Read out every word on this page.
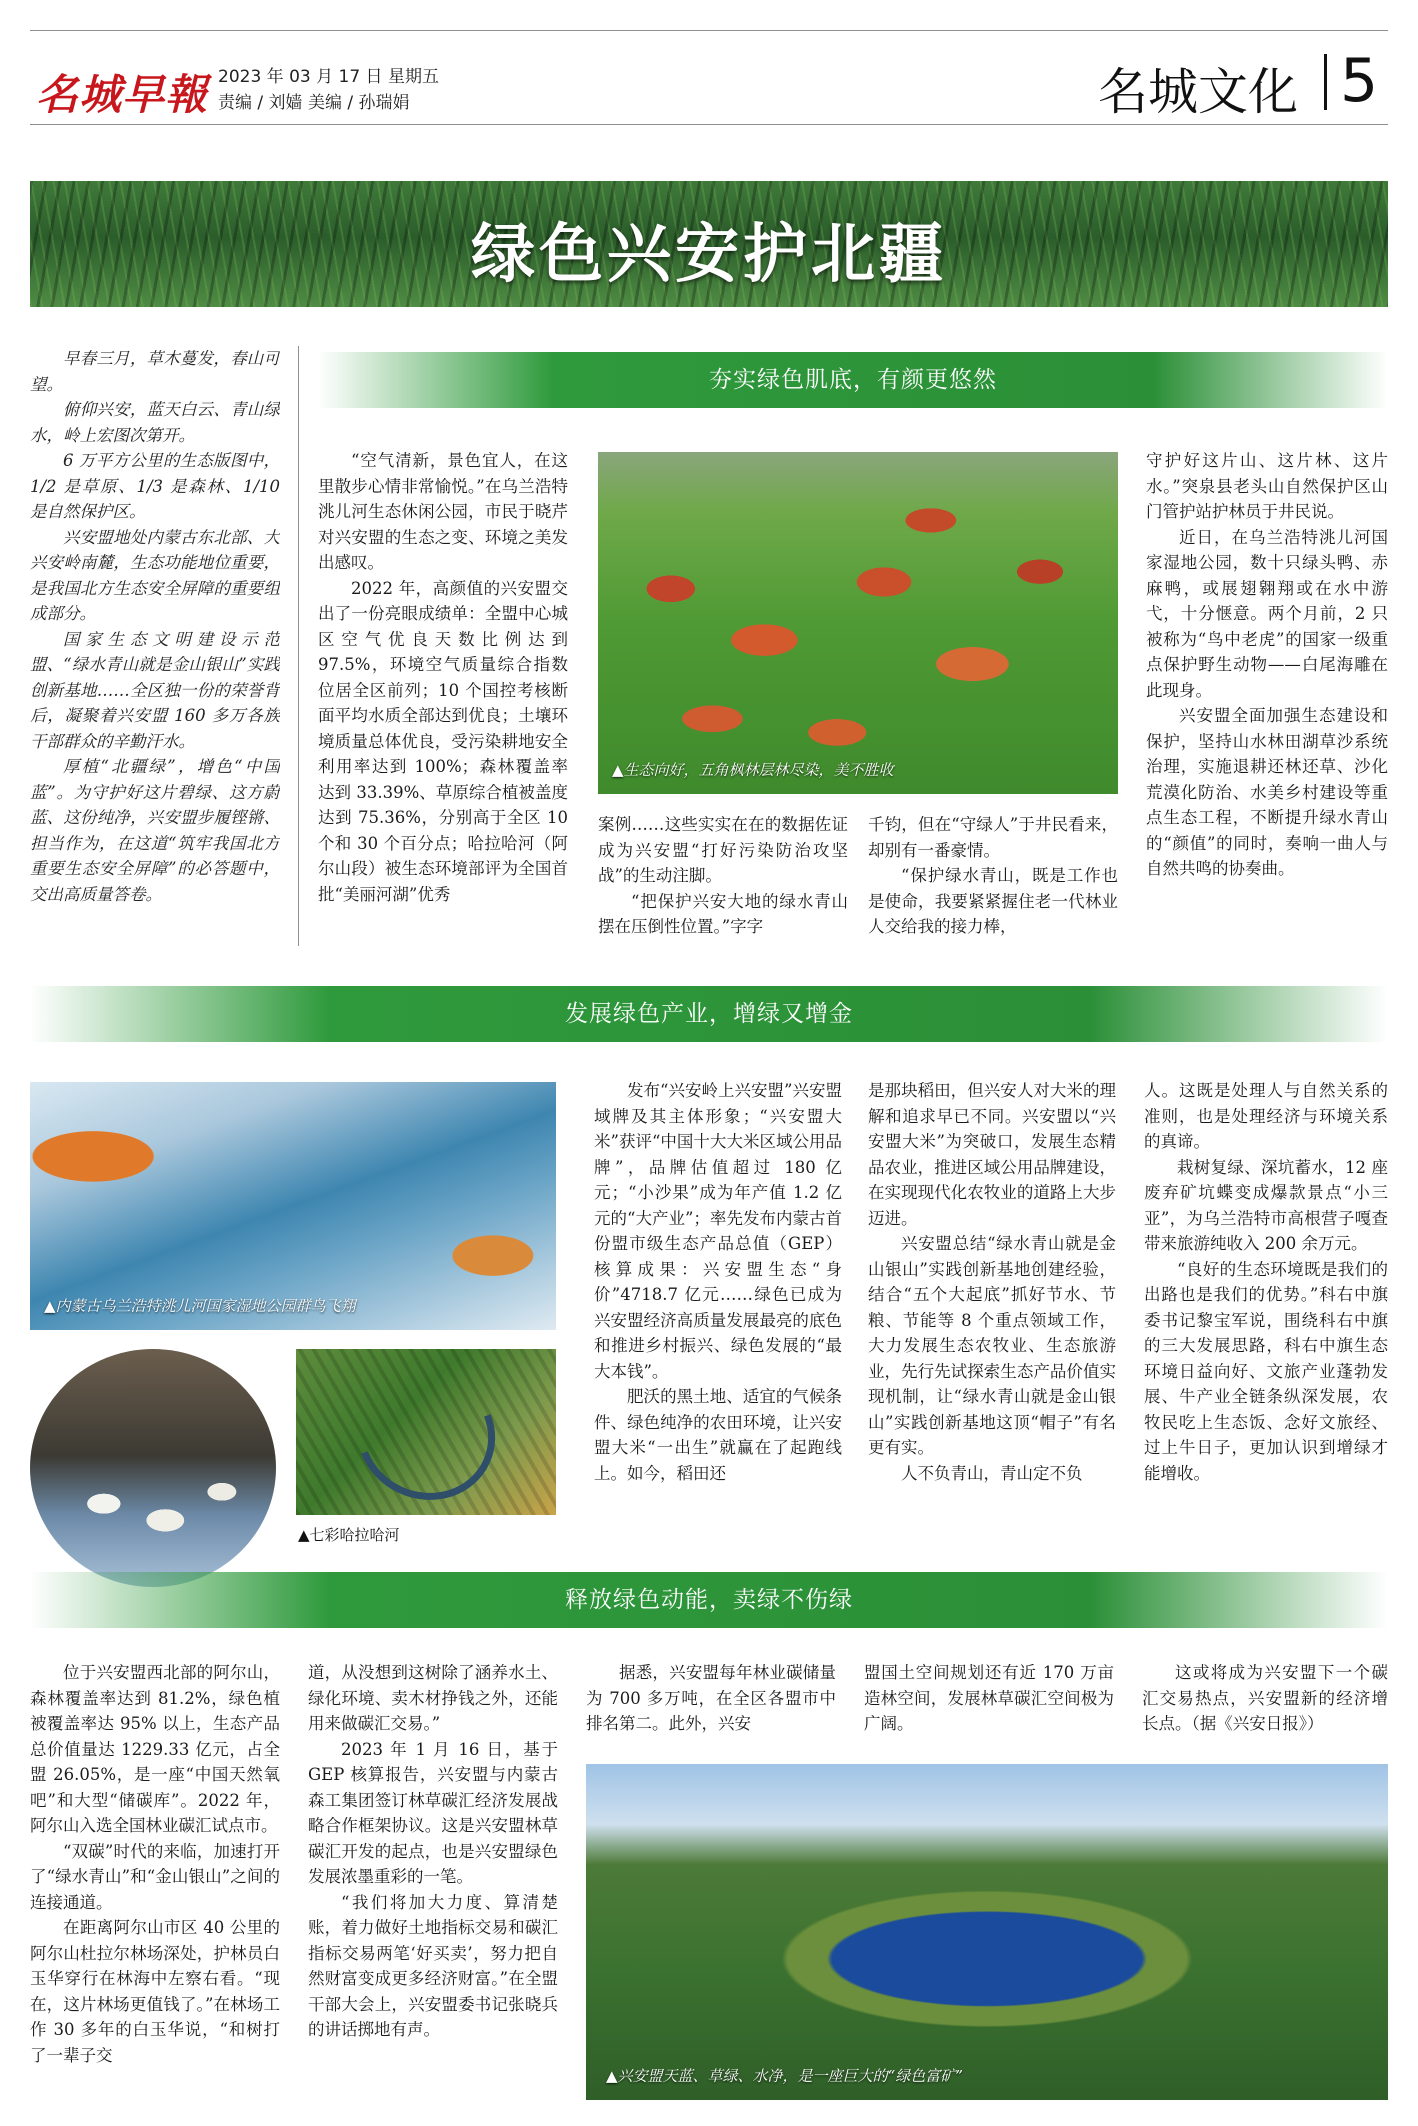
名城早報 2023 年 03 月 17 日 星期五
责编 / 刘嫱 美编 / 孙瑞娟	名城文化 5
绿色兴安护北疆

早春三月，草木蔓发，春山可望。

俯仰兴安，蓝天白云、青山绿水，岭上宏图次第开。

6 万平方公里的生态版图中，1/2 是草原、1/3 是森林、1/10 是自然保护区。

兴安盟地处内蒙古东北部、大兴安岭南麓，生态功能地位重要，是我国北方生态安全屏障的重要组成部分。

国家生态文明建设示范盟、“绿水青山就是金山银山”实践创新基地……全区独一份的荣誉背后，凝聚着兴安盟 160 多万各族干部群众的辛勤汗水。

厚植“北疆绿”，增色“中国蓝”。为守护好这片碧绿、这方蔚蓝、这份纯净，兴安盟步履铿锵、担当作为，在这道“筑牢我国北方重要生态安全屏障”的必答题中，交出高质量答卷。

夯实绿色肌底，有颜更悠然

“空气清新，景色宜人，在这里散步心情非常愉悦。”在乌兰浩特洮儿河生态休闲公园，市民于晓芹对兴安盟的生态之变、环境之美发出感叹。

2022 年，高颜值的兴安盟交出了一份亮眼成绩单：全盟中心城区空气优良天数比例达到 97.5%，环境空气质量综合指数位居全区前列；10 个国控考核断面平均水质全部达到优良；土壤环境质量总体优良，受污染耕地安全利用率达到 100%；森林覆盖率达到 33.39%、草原综合植被盖度达到 75.36%，分别高于全区 10 个和 30 个百分点；哈拉哈河（阿尔山段）被生态环境部评为全国首批“美丽河湖”优秀

▲生态向好，五角枫林层林尽染，美不胜收

案例……这些实实在在的数据佐证成为兴安盟“打好污染防治攻坚战”的生动注脚。

“把保护兴安大地的绿水青山摆在压倒性位置。”字字

千钧，但在“守绿人”于井民看来，却别有一番豪情。

“保护绿水青山，既是工作也是使命，我要紧紧握住老一代林业人交给我的接力棒，

守护好这片山、这片林、这片水。”突泉县老头山自然保护区山门管护站护林员于井民说。

近日，在乌兰浩特洮儿河国家湿地公园，数十只绿头鸭、赤麻鸭，或展翅翱翔或在水中游弋，十分惬意。两个月前，2 只被称为“鸟中老虎”的国家一级重点保护野生动物——白尾海雕在此现身。

兴安盟全面加强生态建设和保护，坚持山水林田湖草沙系统治理，实施退耕还林还草、沙化荒漠化防治、水美乡村建设等重点生态工程，不断提升绿水青山的“颜值”的同时，奏响一曲人与自然共鸣的协奏曲。

发展绿色产业，增绿又增金
▲内蒙古乌兰浩特洮儿河国家湿地公园群鸟飞翔
▲七彩哈拉哈河

发布“兴安岭上兴安盟”兴安盟域牌及其主体形象；“兴安盟大米”获评“中国十大大米区域公用品牌”，品牌估值超过 180 亿元；“小沙果”成为年产值 1.2 亿元的“大产业”；率先发布内蒙古首份盟市级生态产品总值（GEP）核算成果：兴安盟生态“身价”4718.7 亿元……绿色已成为兴安盟经济高质量发展最亮的底色和推进乡村振兴、绿色发展的“最大本钱”。

肥沃的黑土地、适宜的气候条件、绿色纯净的农田环境，让兴安盟大米“一出生”就赢在了起跑线上。如今，稻田还

是那块稻田，但兴安人对大米的理解和追求早已不同。兴安盟以“兴安盟大米”为突破口，发展生态精品农业，推进区域公用品牌建设，在实现现代化农牧业的道路上大步迈进。

兴安盟总结“绿水青山就是金山银山”实践创新基地创建经验，结合“五个大起底”抓好节水、节粮、节能等 8 个重点领域工作，大力发展生态农牧业、生态旅游业，先行先试探索生态产品价值实现机制，让“绿水青山就是金山银山”实践创新基地这顶“帽子”有名更有实。

人不负青山，青山定不负

人。这既是处理人与自然关系的准则，也是处理经济与环境关系的真谛。

栽树复绿、深坑蓄水，12 座废弃矿坑蝶变成爆款景点“小三亚”，为乌兰浩特市高根营子嘎查带来旅游纯收入 200 余万元。

“良好的生态环境既是我们的出路也是我们的优势。”科右中旗委书记黎宝军说，围绕科右中旗的三大发展思路，科右中旗生态环境日益向好、文旅产业蓬勃发展、牛产业全链条纵深发展，农牧民吃上生态饭、念好文旅经、过上牛日子，更加认识到增绿才能增收。

释放绿色动能，卖绿不伤绿

位于兴安盟西北部的阿尔山，森林覆盖率达到 81.2%，绿色植被覆盖率达 95% 以上，生态产品总价值量达 1229.33 亿元，占全盟 26.05%，是一座“中国天然氧吧”和大型“储碳库”。2022 年，阿尔山入选全国林业碳汇试点市。

“双碳”时代的来临，加速打开了“绿水青山”和“金山银山”之间的连接通道。

在距离阿尔山市区 40 公里的阿尔山杜拉尔林场深处，护林员白玉华穿行在林海中左察右看。“现在，这片林场更值钱了。”在林场工作 30 多年的白玉华说，“和树打了一辈子交

道，从没想到这树除了涵养水土、绿化环境、卖木材挣钱之外，还能用来做碳汇交易。”

2023 年 1 月 16 日，基于 GEP 核算报告，兴安盟与内蒙古森工集团签订林草碳汇经济发展战略合作框架协议。这是兴安盟林草碳汇开发的起点，也是兴安盟绿色发展浓墨重彩的一笔。

“我们将加大力度、算清楚账，着力做好土地指标交易和碳汇指标交易两笔‘好买卖’，努力把自然财富变成更多经济财富。”在全盟干部大会上，兴安盟委书记张晓兵的讲话掷地有声。

据悉，兴安盟每年林业碳储量为 700 多万吨，在全区各盟市中排名第二。此外，兴安

盟国土空间规划还有近 170 万亩造林空间，发展林草碳汇空间极为广阔。

这或将成为兴安盟下一个碳汇交易热点，兴安盟新的经济增长点。（据《兴安日报》）

▲兴安盟天蓝、草绿、水净，是一座巨大的“绿色富矿”
